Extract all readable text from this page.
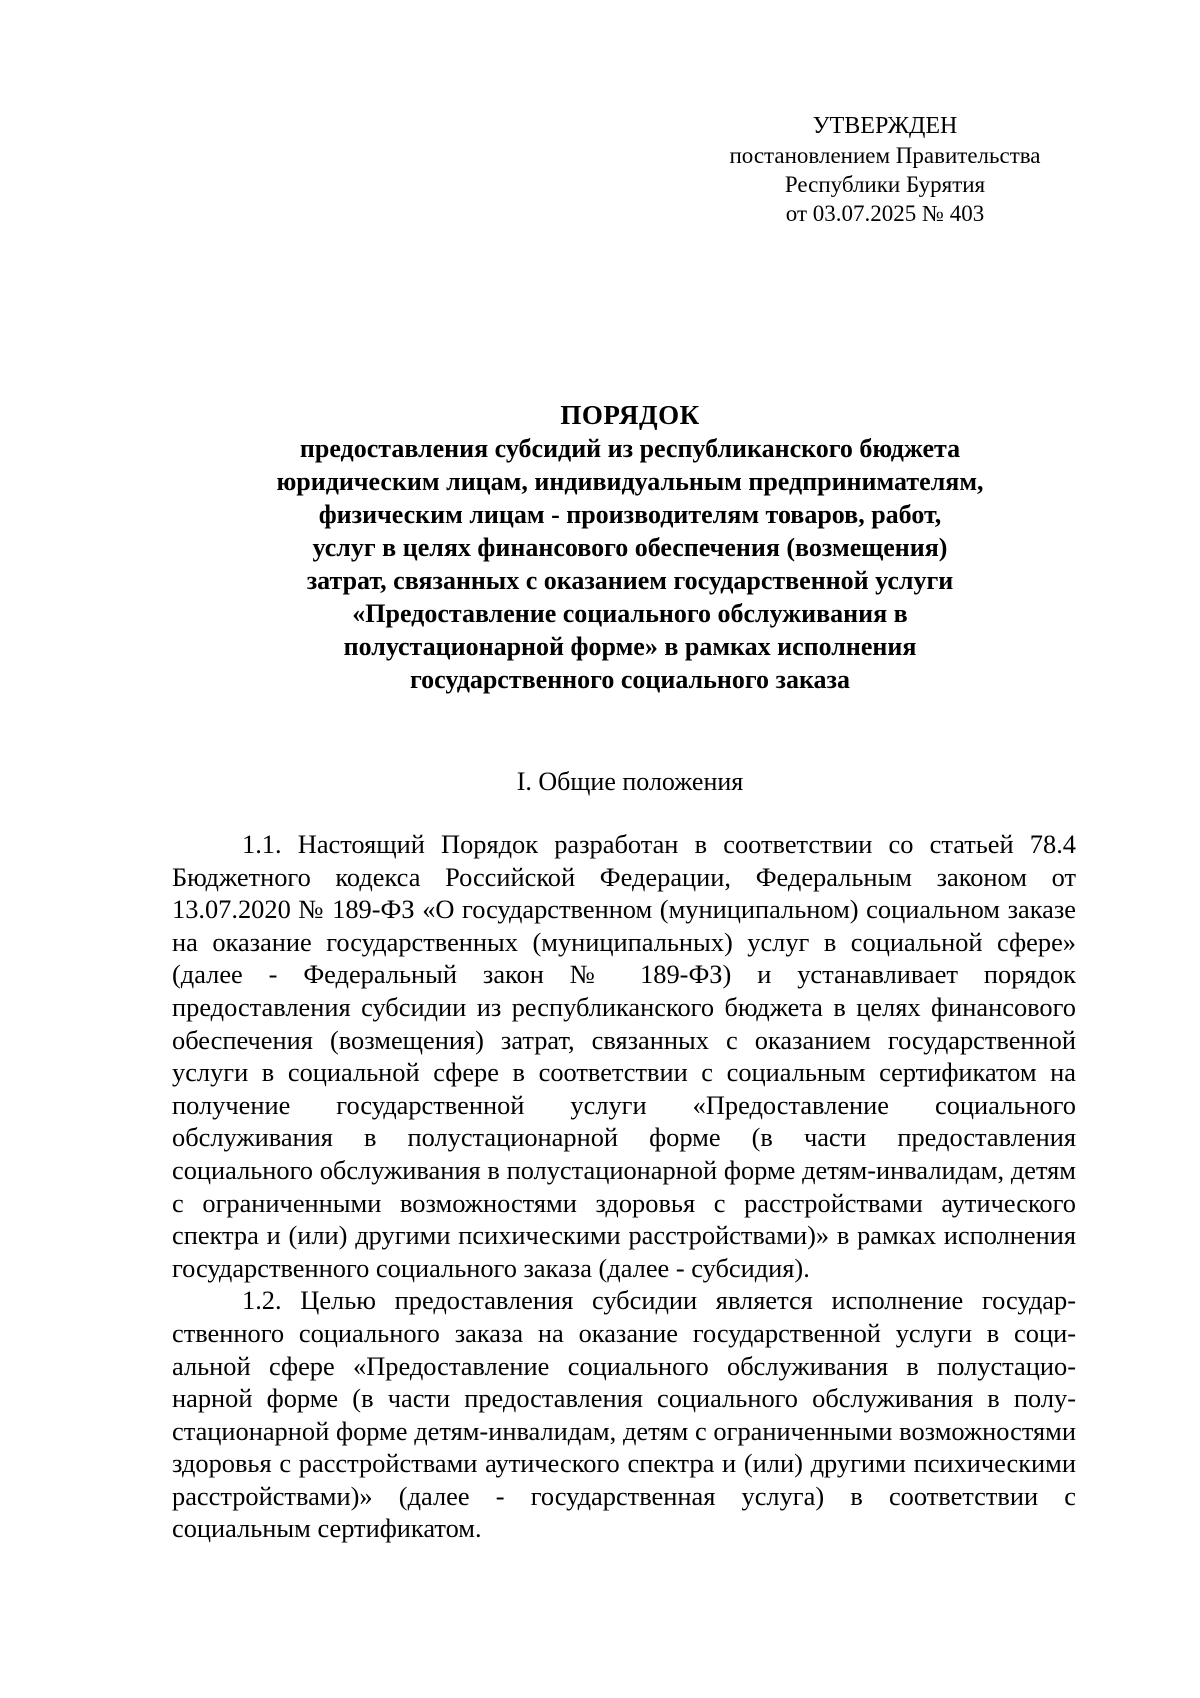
УТВЕРЖДЕН
постановлением Правительства
Республики Бурятия
от 03.07.2025 № 403
ПОРЯДОК
предоставления субсидий из республиканского бюджета
юридическим лицам, индивидуальным предпринимателям,
физическим лицам - производителям товаров, работ,
услуг в целях финансового обеспечения (возмещения)
затрат, связанных с оказанием государственной услуги
«Предоставление социального обслуживания в
полустационарной форме» в рамках исполнения
государственного социального заказа
I. Общие положения

1.1. Настоящий Порядок разработан в соответствии со статьей 78.4 Бюджетного кодекса Российской Федерации, Федеральным законом от 13.07.2020 № 189-ФЗ «О государственном (муниципальном) социальном заказе на оказание государственных (муниципальных) услуг в социальной сфере» (далее - Федеральный закон № 189-ФЗ) и устанавливает порядок предоставления субсидии из республиканского бюджета в целях финансового обеспечения (возмещения) затрат, связанных с оказанием государственной услуги в социальной сфере в соответствии с социальным сертификатом на получение государственной услуги «Предоставление социального обслуживания в полустационарной форме (в части предоставления социального обслуживания в полустационарной форме детям-инвалидам, детям с ограниченными возможностями здоровья с расстройствами аутического спектра и (или) другими психическими расстройствами)» в рамках исполнения государственного социального заказа (далее - субсидия).

1.2. Целью предоставления субсидии является исполнение государственного социального заказа на оказание государственной услуги в социальной сфере «Предоставление социального обслуживания в полустационарной форме (в части предоставления социального обслуживания в полустационарной форме детям-инвалидам, детям с ограниченными возможностями здоровья с расстройствами аутического спектра и (или) другими психическими расстройствами)» (далее - государственная услуга) в соответствии с социальным сертификатом.
